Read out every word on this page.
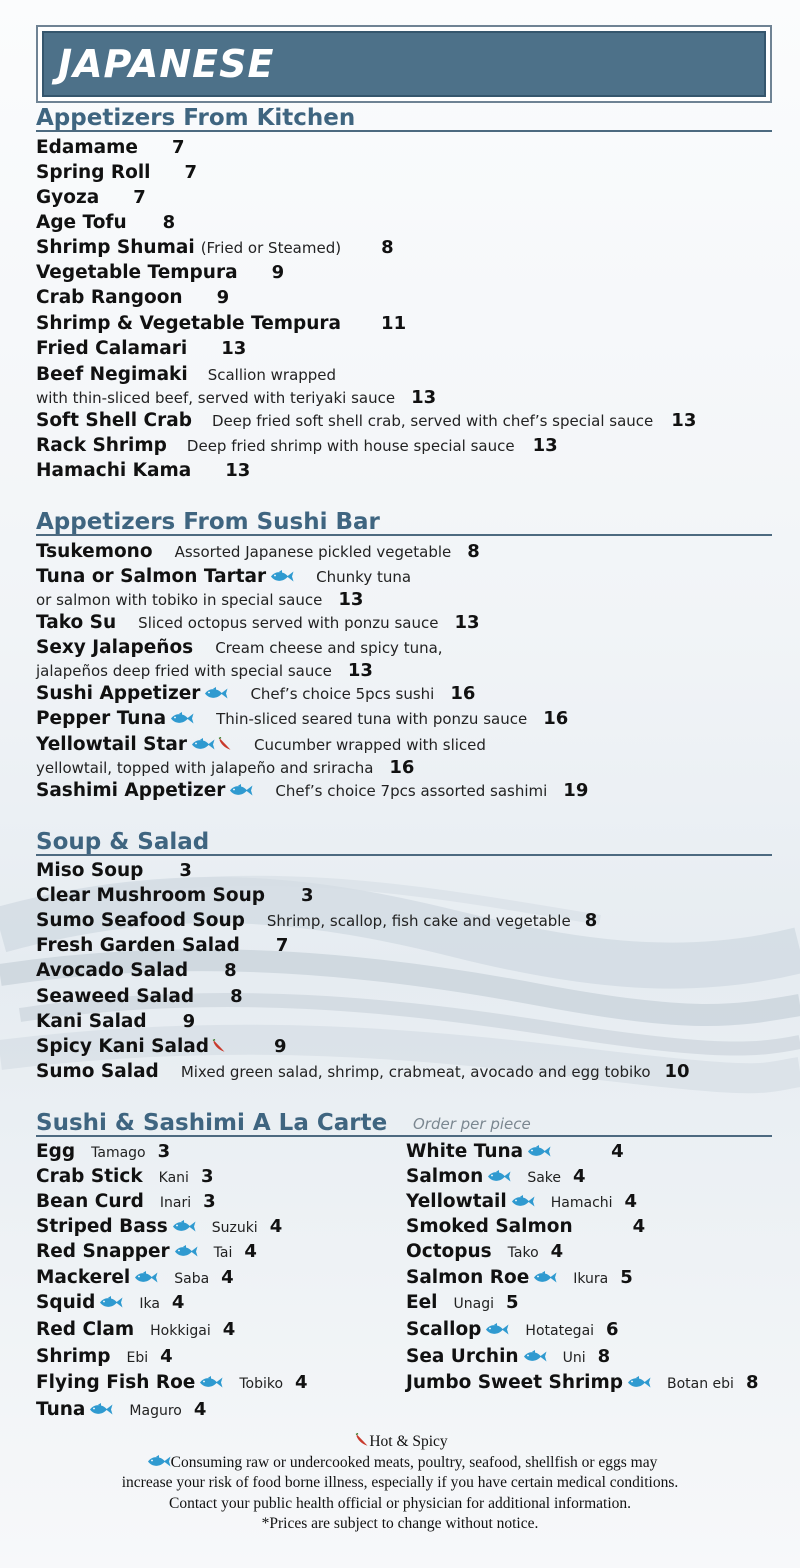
JAPANESE
Appetizers From Kitchen
Edamame 7
Spring Roll 7
Gyoza 7
Age Tofu 8
Shrimp Shumai (Fried or Steamed) 8
Vegetable Tempura 9
Crab Rangoon 9
Shrimp & Vegetable Tempura 11
Fried Calamari 13
Beef Negimaki Scallion wrapped
with thin-sliced beef, served with teriyaki sauce 13
Soft Shell Crab Deep fried soft shell crab, served with chef’s special sauce 13
Rack Shrimp Deep fried shrimp with house special sauce 13
Hamachi Kama 13
Appetizers From Sushi Bar
Tsukemono Assorted Japanese pickled vegetable 8
Tuna or Salmon Tartar	Chunky tuna
or salmon with tobiko in special sauce 13
Tako Su Sliced octopus served with ponzu sauce 13
Sexy Jalapeños Cream cheese and spicy tuna,
jalapeños deep fried with special sauce 13
Sushi Appetizer	Chef’s choice 5pcs sushi 16
Pepper Tuna	Thin-sliced seared tuna with ponzu sauce 16
Yellowtail Star	Cucumber wrapped with sliced
yellowtail, topped with jalapeño and sriracha 16
Sashimi Appetizer	Chef’s choice 7pcs assorted sashimi 19
Soup & Salad
Miso Soup 3
Clear Mushroom Soup 3
Sumo Seafood Soup Shrimp, scallop, fish cake and vegetable 8
Fresh Garden Salad 7
Avocado Salad 8
Seaweed Salad 8
Kani Salad 9
Spicy Kani Salad	9
Sumo Salad Mixed green salad, shrimp, crabmeat, avocado and egg tobiko 10
Sushi & Sashimi A La Carte Order per piece
Egg Tamago 3
Crab Stick Kani 3
Bean Curd Inari 3
Striped Bass	Suzuki 4
Red Snapper	Tai 4
Mackerel	Saba 4
Squid	Ika 4
Red Clam Hokkigai 4
Shrimp Ebi 4
Flying Fish Roe	Tobiko 4
Tuna	Maguro 4
White Tuna	4
Salmon	Sake 4
Yellowtail	Hamachi 4
Smoked Salmon	4
Octopus Tako 4
Salmon Roe	Ikura 5
Eel Unagi 5
Scallop	Hotategai 6
Sea Urchin	Uni 8
Jumbo Sweet Shrimp	Botan ebi 8
Hot & Spicy
Consuming raw or undercooked meats, poultry, seafood, shellfish or eggs may
increase your risk of food borne illness, especially if you have certain medical conditions.
Contact your public health official or physician for additional information.
*Prices are subject to change without notice.
